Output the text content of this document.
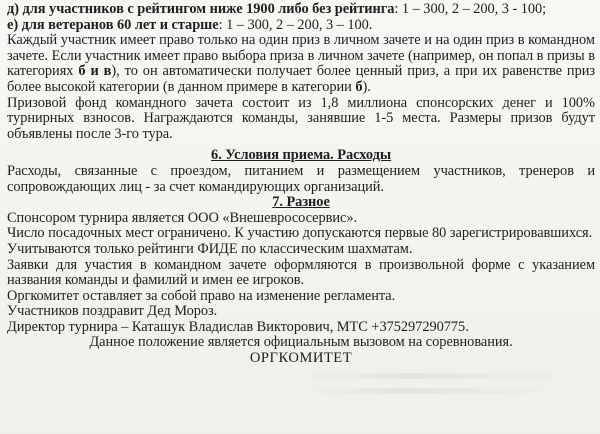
д) для участников с рейтингом ниже 1900 либо без рейтинга: 1 – 300, 2 – 200, 3 - 100;

е) для ветеранов 60 лет и старше: 1 – 300, 2 – 200, 3 – 100.

Каждый участник имеет право только на один приз в личном зачете и на один приз в командном зачете. Если участник имеет право выбора приза в личном зачете (например, он попал в призы в категориях б и в), то он автоматически получает более ценный приз, а при их равенстве приз более высокой категории (в данном примере в категории б).

Призовой фонд командного зачета состоит из 1,8 миллиона спонсорских денег и 100% турнирных взносов. Награждаются команды, занявшие 1-5 места. Размеры призов будут объявлены после 3-го тура.

6. Условия приема. Расходы

Расходы, связанные с проездом, питанием и размещением участников, тренеров и сопровождающих лиц - за счет командирующих организаций.

7. Разное

Спонсором турнира является ООО «Внешеврососервис».

Число посадочных мест ограничено. К участию допускаются первые 80 зарегистрировавшихся.

Учитываются только рейтинги ФИДЕ по классическим шахматам.

Заявки для участия в командном зачете оформляются в произвольной форме с указанием названия команды и фамилий и имен ее игроков.

Оргкомитет оставляет за собой право на изменение регламента.

Участников поздравит Дед Мороз.

Директор турнира – Каташук Владислав Викторович, МТС +375297290775.

Данное положение является официальным вызовом на соревнования.

ОРГКОМИТЕТ
